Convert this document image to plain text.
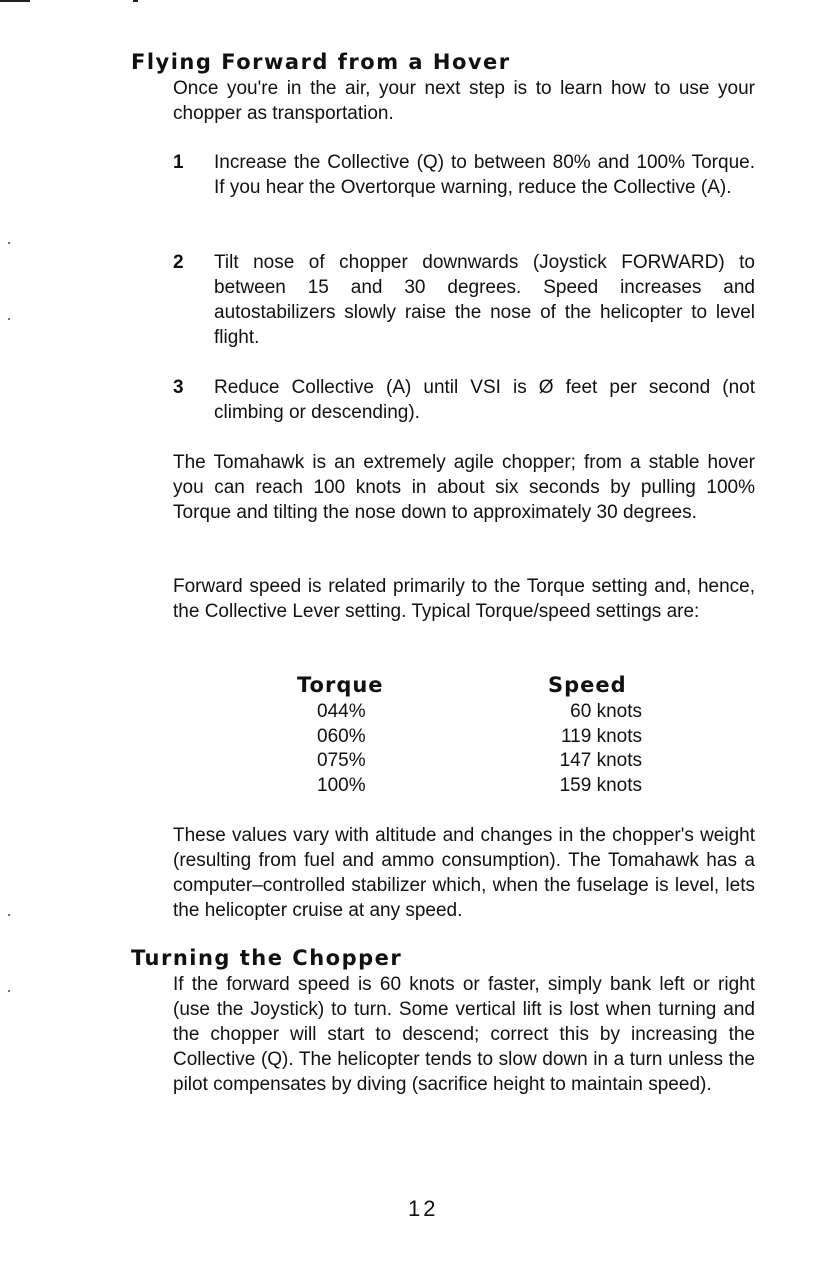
Flying Forward from a Hover

Once you're in the air, your next step is to learn how to use your chopper as transportation.

1 Increase the Collective (Q) to between 80% and 100% Torque. If you hear the Overtorque warning, reduce the Collective (A).

2 Tilt nose of chopper downwards (Joystick FORWARD) to between 15 and 30 degrees. Speed increases and autostabilizers slowly raise the nose of the helicopter to level flight.

3 Reduce Collective (A) until VSI is Ø feet per second (not climbing or descending).

The Tomahawk is an extremely agile chopper; from a stable hover you can reach 100 knots in about six seconds by pulling 100% Torque and tilting the nose down to approximately 30 degrees.

Forward speed is related primarily to the Torque setting and, hence, the Collective Lever setting. Typical Torque/speed settings are:

Torque	Speed
044%
060%
075%
100%
60 knots
119 knots
147 knots
159 knots

These values vary with altitude and changes in the chopper's weight (resulting from fuel and ammo consumption). The Tomahawk has a computer–controlled stabilizer which, when the fuselage is level, lets the helicopter cruise at any speed.

Turning the Chopper

If the forward speed is 60 knots or faster, simply bank left or right (use the Joystick) to turn. Some vertical lift is lost when turning and the chopper will start to descend; correct this by increasing the Collective (Q). The helicopter tends to slow down in a turn unless the pilot compensates by diving (sacrifice height to maintain speed).

12
